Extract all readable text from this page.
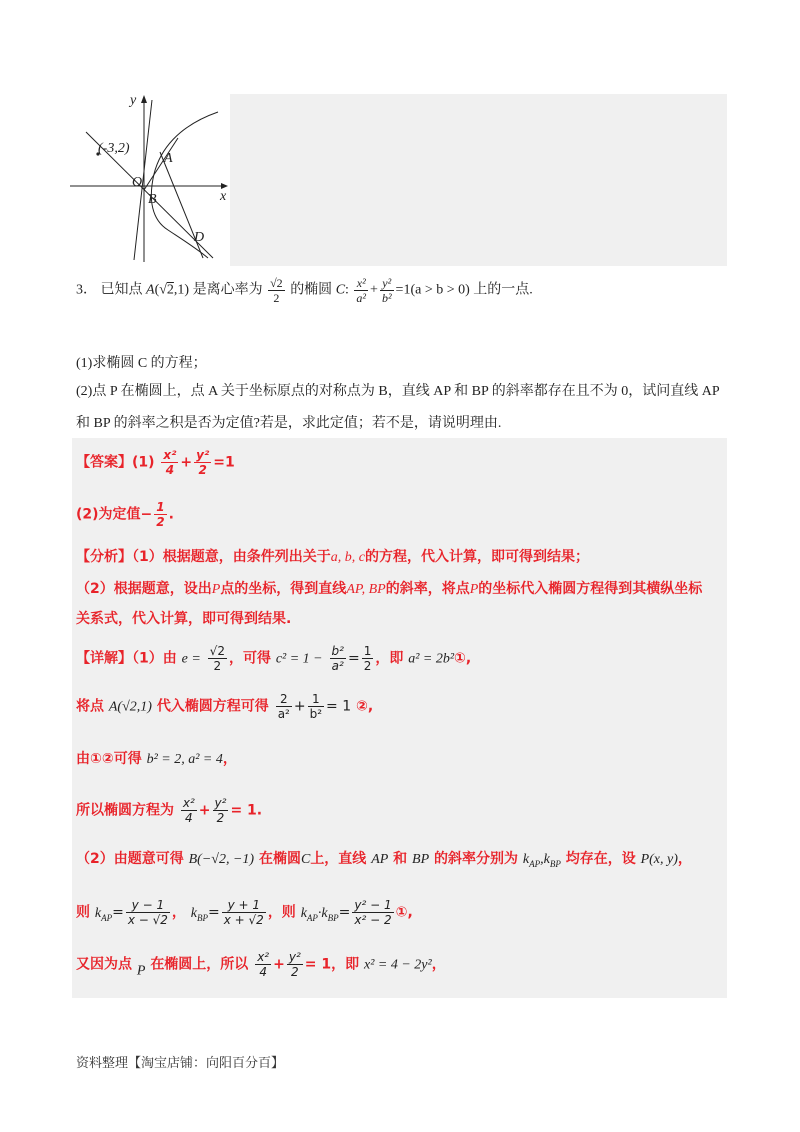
(-3,2)
y
x
O
A
B
D
3． 已知点 A(√2,1) 是离心率为 $\frac{√2}{2}$ 的椭圆 C: $\frac{\text{x²}}{\text{a²}} + \frac{\text{y²}}{\text{b²}} =1(a > b > 0)$ 上的一点.
(1)求椭圆 C 的方程；
(2)点 P 在椭圆上，点 A 关于坐标原点的对称点为 B，直线 AP 和 BP 的斜率都存在且不为 0，试问直线 AP
和 BP 的斜率之积是否为定值?若是，求此定值；若不是，请说明理由.
【答案】$(1) \frac{\text{x²}}{4} + \frac{\text{y²}}{2} =1$
(2)为定值− $\frac{1}{2}$ .
【分析】（1）根据题意，由条件列出关于a, b, c的方程，代入计算，即可得到结果；
（2）根据题意，设出P点的坐标，得到直线AP, BP的斜率，将点P的坐标代入椭圆方程得到其横纵坐标
关系式，代入计算，即可得到结果.
【详解】（1）由 $e = \frac{√2}{2}$ ，可得 $c^2 = 1 - \frac{\text{b²}}{\text{a²}} = \frac{1}{2}$ ，即 a² = 2b²①,
将点 A(√2,1) 代入椭圆方程可得 $\frac{2}{\text{a²}} + \frac{1}{\text{b²}} = 1$ ②,
由①②可得 b² = 2, a² = 4，
所以椭圆方程为 $\frac{\text{x²}}{4} + \frac{\text{y²}}{2} = 1$.
（2）由题意可得 B(−√2, −1) 在椭圆C上，直线 AP 和 BP 的斜率分别为 $k_{AP},k_{BP}$ 均存在，设 P(x, y)，
则 $k_{AP}= \frac{y - 1}{x - √2}$ ， $k_{BP}= \frac{y + 1}{x + √2}$ ，则 $k_{AP}\cdot k_{BP}= \frac{\text{y² − 1}}{\text{x² − 2}}$ ①,
又因为点 P 在椭圆上，所以 $\frac{\text{x²}}{4} + \frac{\text{y²}}{2} = 1$，即 x² = 4 − 2y²，
资料整理【淘宝店铺：向阳百分百】
